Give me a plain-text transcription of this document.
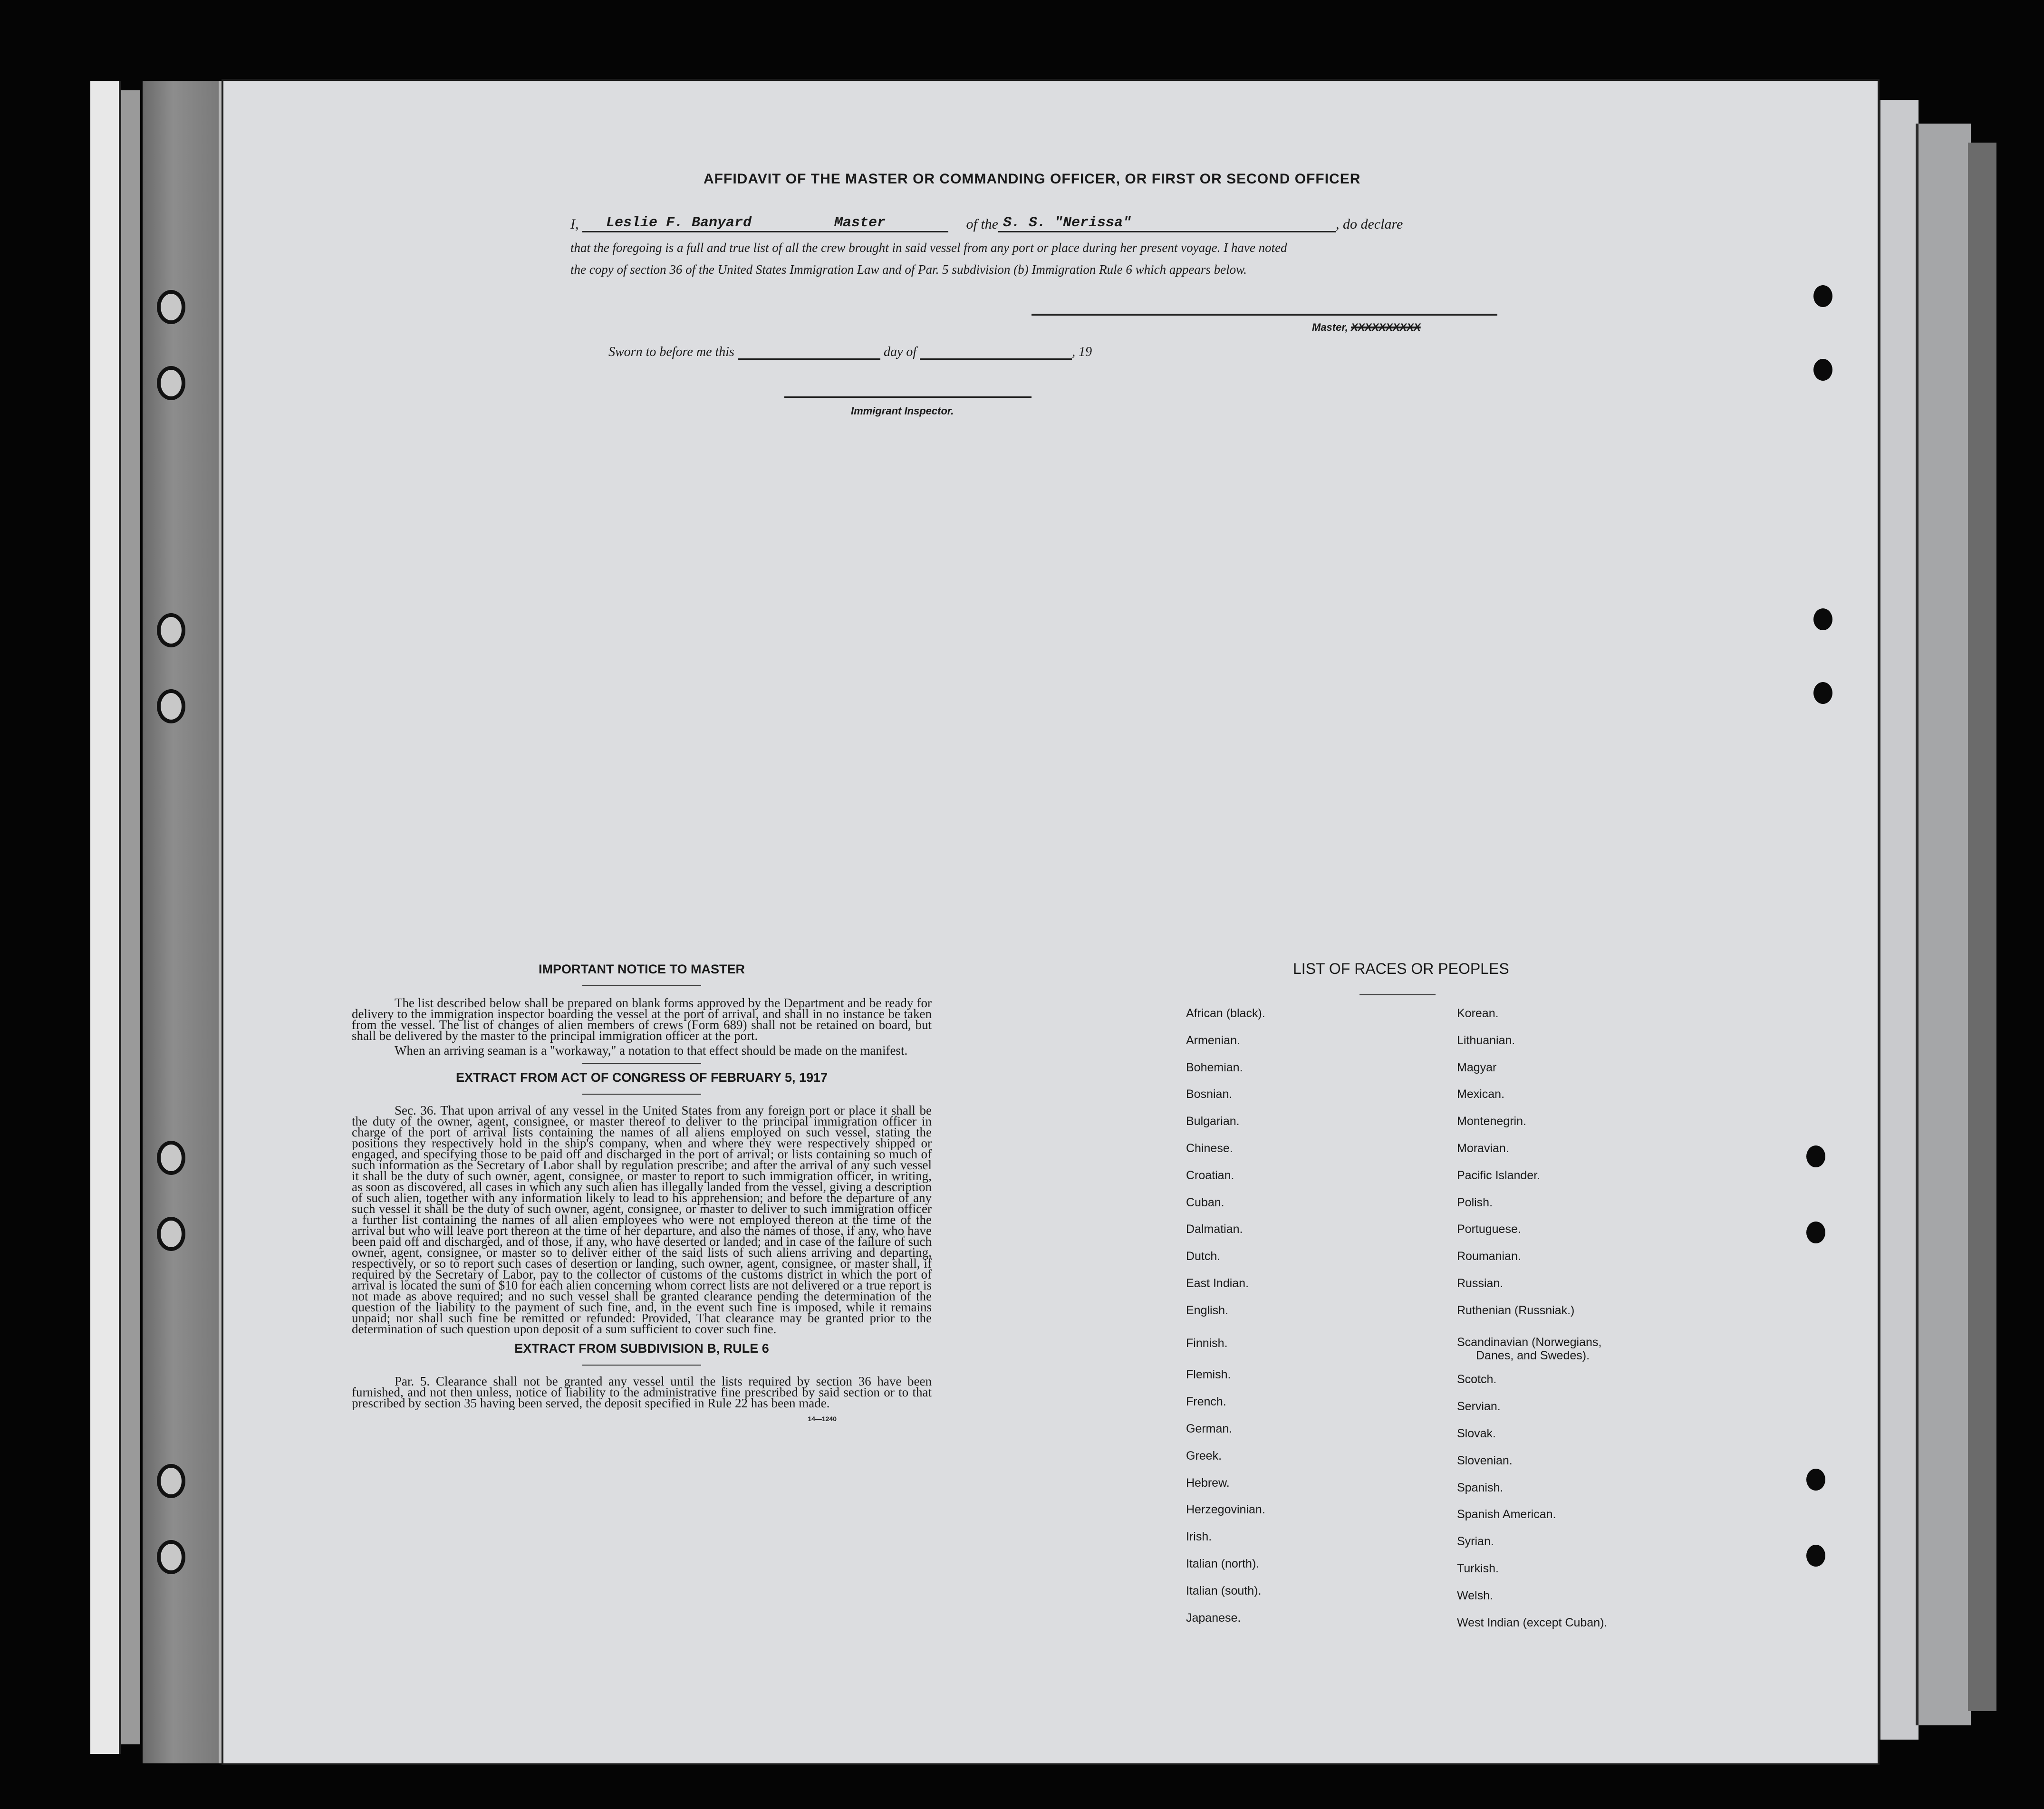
AFFIDAVIT OF THE MASTER OR COMMANDING OFFICER, OR FIRST OR SECOND OFFICER
I, Leslie F. Banyard	Master	of the S. S. "Nerissa"	, do declare
that the foregoing is a full and true list of all the crew brought in said vessel from any port or place during her present voyage. I have noted
the copy of section 36 of the United States Immigration Law and of Par. 5 subdivision (b) Immigration Rule 6 which appears below.
Master, XXXXXXXXXX
Sworn to before me this	day of	, 19
Immigrant Inspector.
IMPORTANT NOTICE TO MASTER

The list described below shall be prepared on blank forms approved by the Department and be ready for delivery to the immigration inspector boarding the vessel at the port of arrival, and shall in no instance be taken from the vessel. The list of changes of alien members of crews (Form 689) shall not be retained on board, but shall be delivered by the master to the principal immigration officer at the port.

When an arriving seaman is a "workaway," a notation to that effect should be made on the manifest.

EXTRACT FROM ACT OF CONGRESS OF FEBRUARY 5, 1917

Sec. 36. That upon arrival of any vessel in the United States from any foreign port or place it shall be the duty of the owner, agent, consignee, or master thereof to deliver to the principal immigration officer in charge of the port of arrival lists containing the names of all aliens employed on such vessel, stating the positions they respectively hold in the ship's company, when and where they were respectively shipped or engaged, and specifying those to be paid off and discharged in the port of arrival; or lists containing so much of such information as the Secretary of Labor shall by regulation prescribe; and after the arrival of any such vessel it shall be the duty of such owner, agent, consignee, or master to report to such immigration officer, in writing, as soon as discovered, all cases in which any such alien has illegally landed from the vessel, giving a description of such alien, together with any information likely to lead to his apprehension; and before the departure of any such vessel it shall be the duty of such owner, agent, consignee, or master to deliver to such immigration officer a further list containing the names of all alien employees who were not employed thereon at the time of the arrival but who will leave port thereon at the time of her departure, and also the names of those, if any, who have been paid off and discharged, and of those, if any, who have deserted or landed; and in case of the failure of such owner, agent, consignee, or master so to deliver either of the said lists of such aliens arriving and departing, respectively, or so to report such cases of desertion or landing, such owner, agent, consignee, or master shall, if required by the Secretary of Labor, pay to the collector of customs of the customs district in which the port of arrival is located the sum of $10 for each alien concerning whom correct lists are not delivered or a true report is not made as above required; and no such vessel shall be granted clearance pending the determination of the question of the liability to the payment of such fine, and, in the event such fine is imposed, while it remains unpaid; nor shall such fine be remitted or refunded: Provided, That clearance may be granted prior to the determination of such question upon deposit of a sum sufficient to cover such fine.

EXTRACT FROM SUBDIVISION B, RULE 6

Par. 5. Clearance shall not be granted any vessel until the lists required by section 36 have been furnished, and not then unless, notice of liability to the administrative fine prescribed by said section or to that prescribed by section 35 having been served, the deposit specified in Rule 22 has been made.

14—1240
LIST OF RACES OR PEOPLES
African (black).
Armenian.
Bohemian.
Bosnian.
Bulgarian.
Chinese.
Croatian.
Cuban.
Dalmatian.
Dutch.
East Indian.
English.
Finnish.
Flemish.
French.
German.
Greek.
Hebrew.
Herzegovinian.
Irish.
Italian (north).
Italian (south).
Japanese.
Korean.
Lithuanian.
Magyar
Mexican.
Montenegrin.
Moravian.
Pacific Islander.
Polish.
Portuguese.
Roumanian.
Russian.
Ruthenian (Russniak.)
Scandinavian (Norwegians,
Danes, and Swedes).
Scotch.
Servian.
Slovak.
Slovenian.
Spanish.
Spanish American.
Syrian.
Turkish.
Welsh.
West Indian (except Cuban).
